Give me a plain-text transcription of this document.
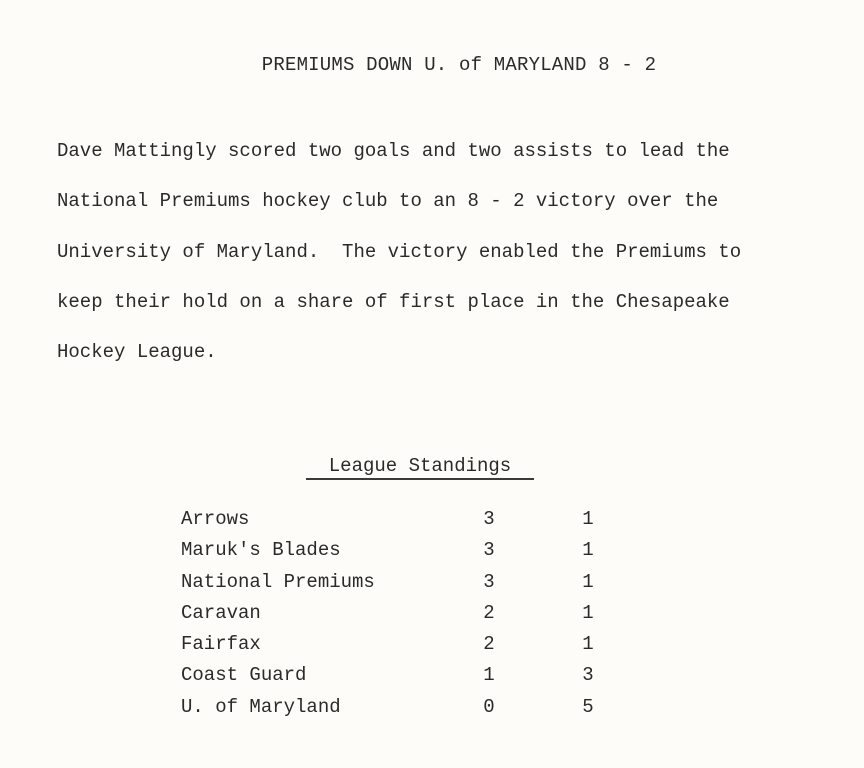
PREMIUMS DOWN U. of MARYLAND 8 - 2

Dave Mattingly scored two goals and two assists to lead the
National Premiums hockey club to an 8 - 2 victory over the
University of Maryland.  The victory enabled the Premiums to
keep their hold on a share of first place in the Chesapeake
Hockey League.

League Standings
Arrows	3	1
Maruk's Blades	3	1
National Premiums	3	1
Caravan	2	1
Fairfax	2	1
Coast Guard	1	3
U. of Maryland	0	5
